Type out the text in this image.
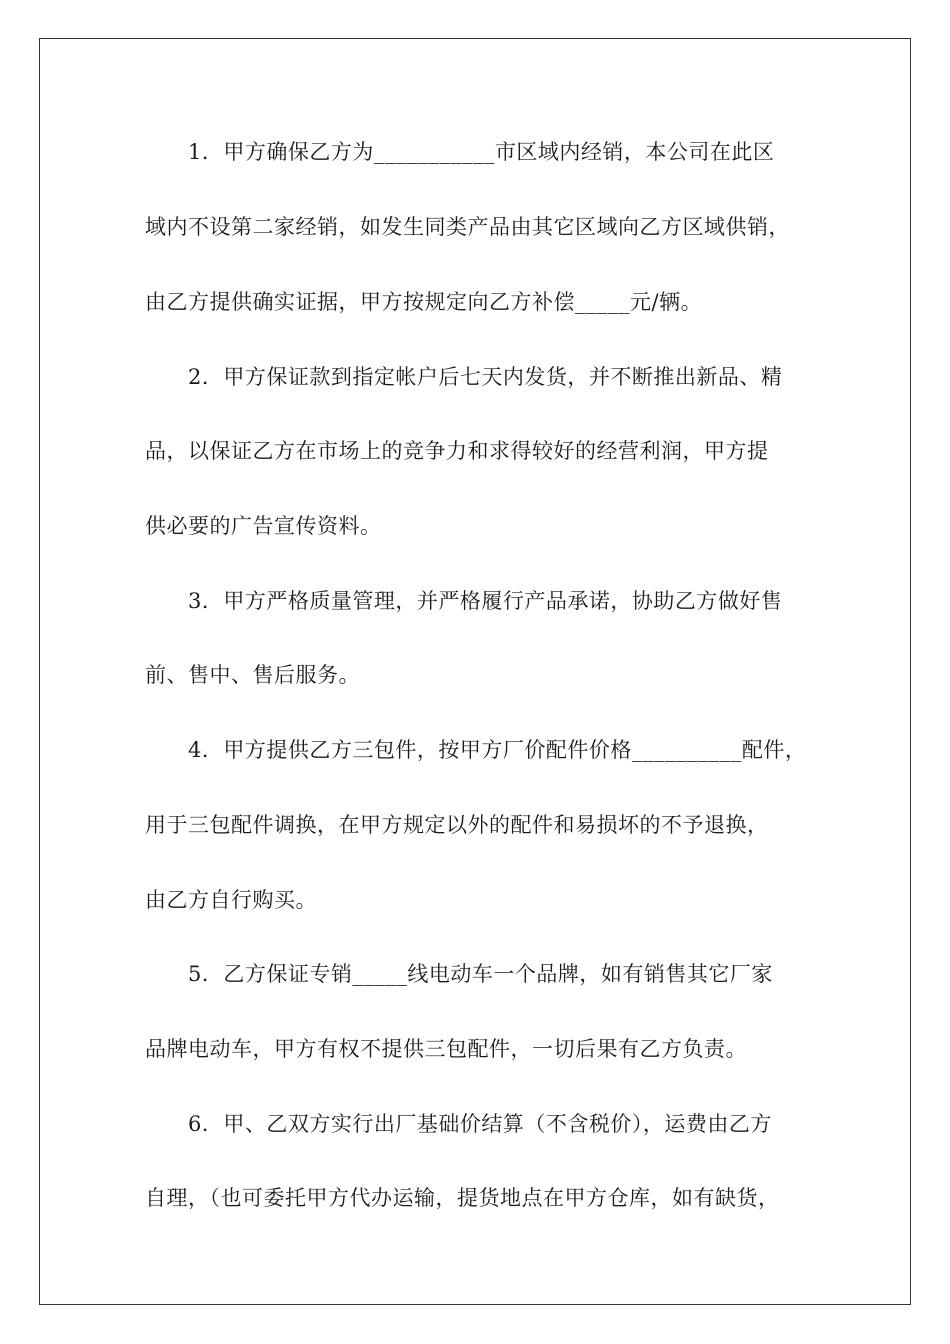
1．甲方确保乙方为___________市区域内经销，本公司在此区

域内不设第二家经销，如发生同类产品由其它区域向乙方区域供销，

由乙方提供确实证据，甲方按规定向乙方补偿_____元/辆。

2．甲方保证款到指定帐户后七天内发货，并不断推出新品、精

品，以保证乙方在市场上的竞争力和求得较好的经营利润，甲方提

供必要的广告宣传资料。

3．甲方严格质量管理，并严格履行产品承诺，协助乙方做好售

前、售中、售后服务。

4．甲方提供乙方三包件，按甲方厂价配件价格__________配件，

用于三包配件调换，在甲方规定以外的配件和易损坏的不予退换，

由乙方自行购买。

5．乙方保证专销_____线电动车一个品牌，如有销售其它厂家

品牌电动车，甲方有权不提供三包配件，一切后果有乙方负责。

6．甲、乙双方实行出厂基础价结算（不含税价），运费由乙方

自理，（也可委托甲方代办运输，提货地点在甲方仓库，如有缺货，
